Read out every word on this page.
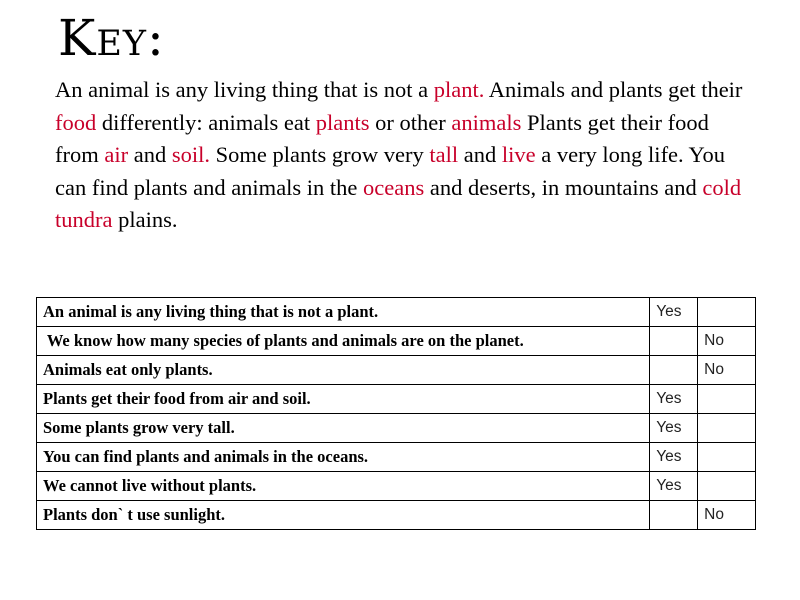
Key:
An animal is any living thing that is not a plant. Animals and plants get their food differently: animals eat plants or other animals Plants get their food from air and soil. Some plants grow very tall and live a very long life. You can find plants and animals in the oceans and deserts, in mountains and cold tundra plains.
An animal is any living thing that is not a plant.	Yes	
We know how many species of plants and animals are on the planet.		No
Animals eat only plants.		No
Plants get their food from air and soil.	Yes	
Some plants grow very tall.	Yes	
You can find plants and animals in the oceans.	Yes	
We cannot live without plants.	Yes	
Plants don` t use sunlight.		No
